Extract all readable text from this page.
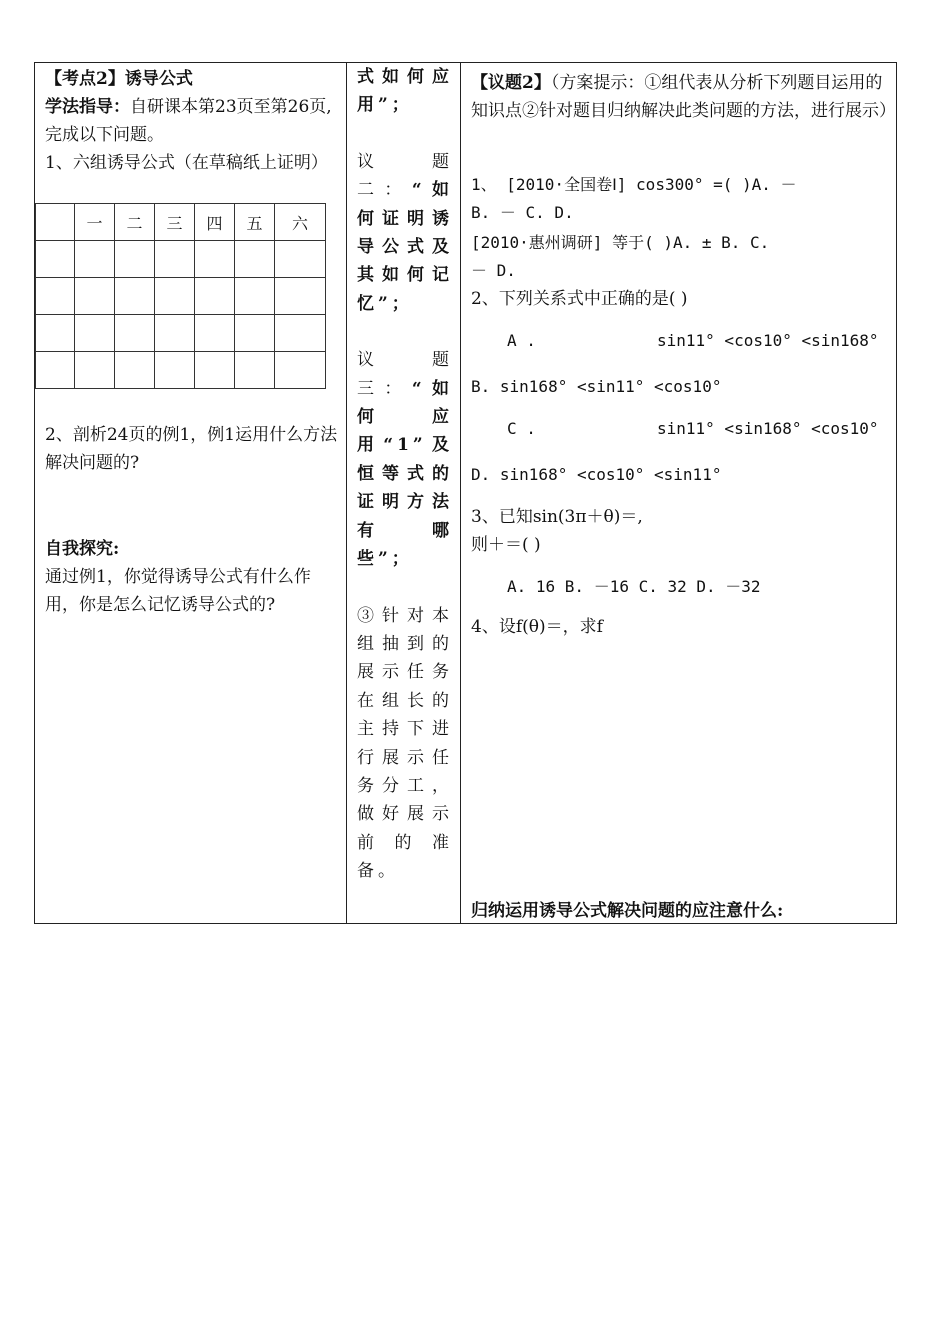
【考点2】诱导公式
学法指导：自研课本第23页至第26页,完成以下问题。
1、六组诱导公式（在草稿纸上证明）
	一	二	三	四	五	六

2、剖析24页的例1，例1运用什么方法解决问题的?
自我探究:
通过例1，你觉得诱导公式有什么作用，你是怎么记忆诱导公式的?
式如何应用”；
议题二：“如何证明诱导公式及其如何记忆”；
议题三：“如何应用“1”及恒等式的证明方法有哪些”；
③针对本组抽到的展示任务在组长的主持下进行展示任务分工，做好展示前的准备。
【议题2】（方案提示：①组代表从分析下列题目运用的知识点②针对题目归纳解决此类问题的方法，进行展示）
1、 [2010·全国卷Ⅰ] cos300° =( )A. －
B. － C. D.
[2010·惠州调研] 等于( )A. ± B. C.
－ D.
2、下列关系式中正确的是( )
A .	sin11° <cos10° <sin168°
B. sin168° <sin11° <cos10°
C .	sin11° <sin168° <cos10°
D. sin168° <cos10° <sin11°
3、已知sin(3π＋θ)＝,
则＋＝( )
A. 16 B. －16 C. 32 D. －32
4、设f(θ)＝，求f
归纳运用诱导公式解决问题的应注意什么:
